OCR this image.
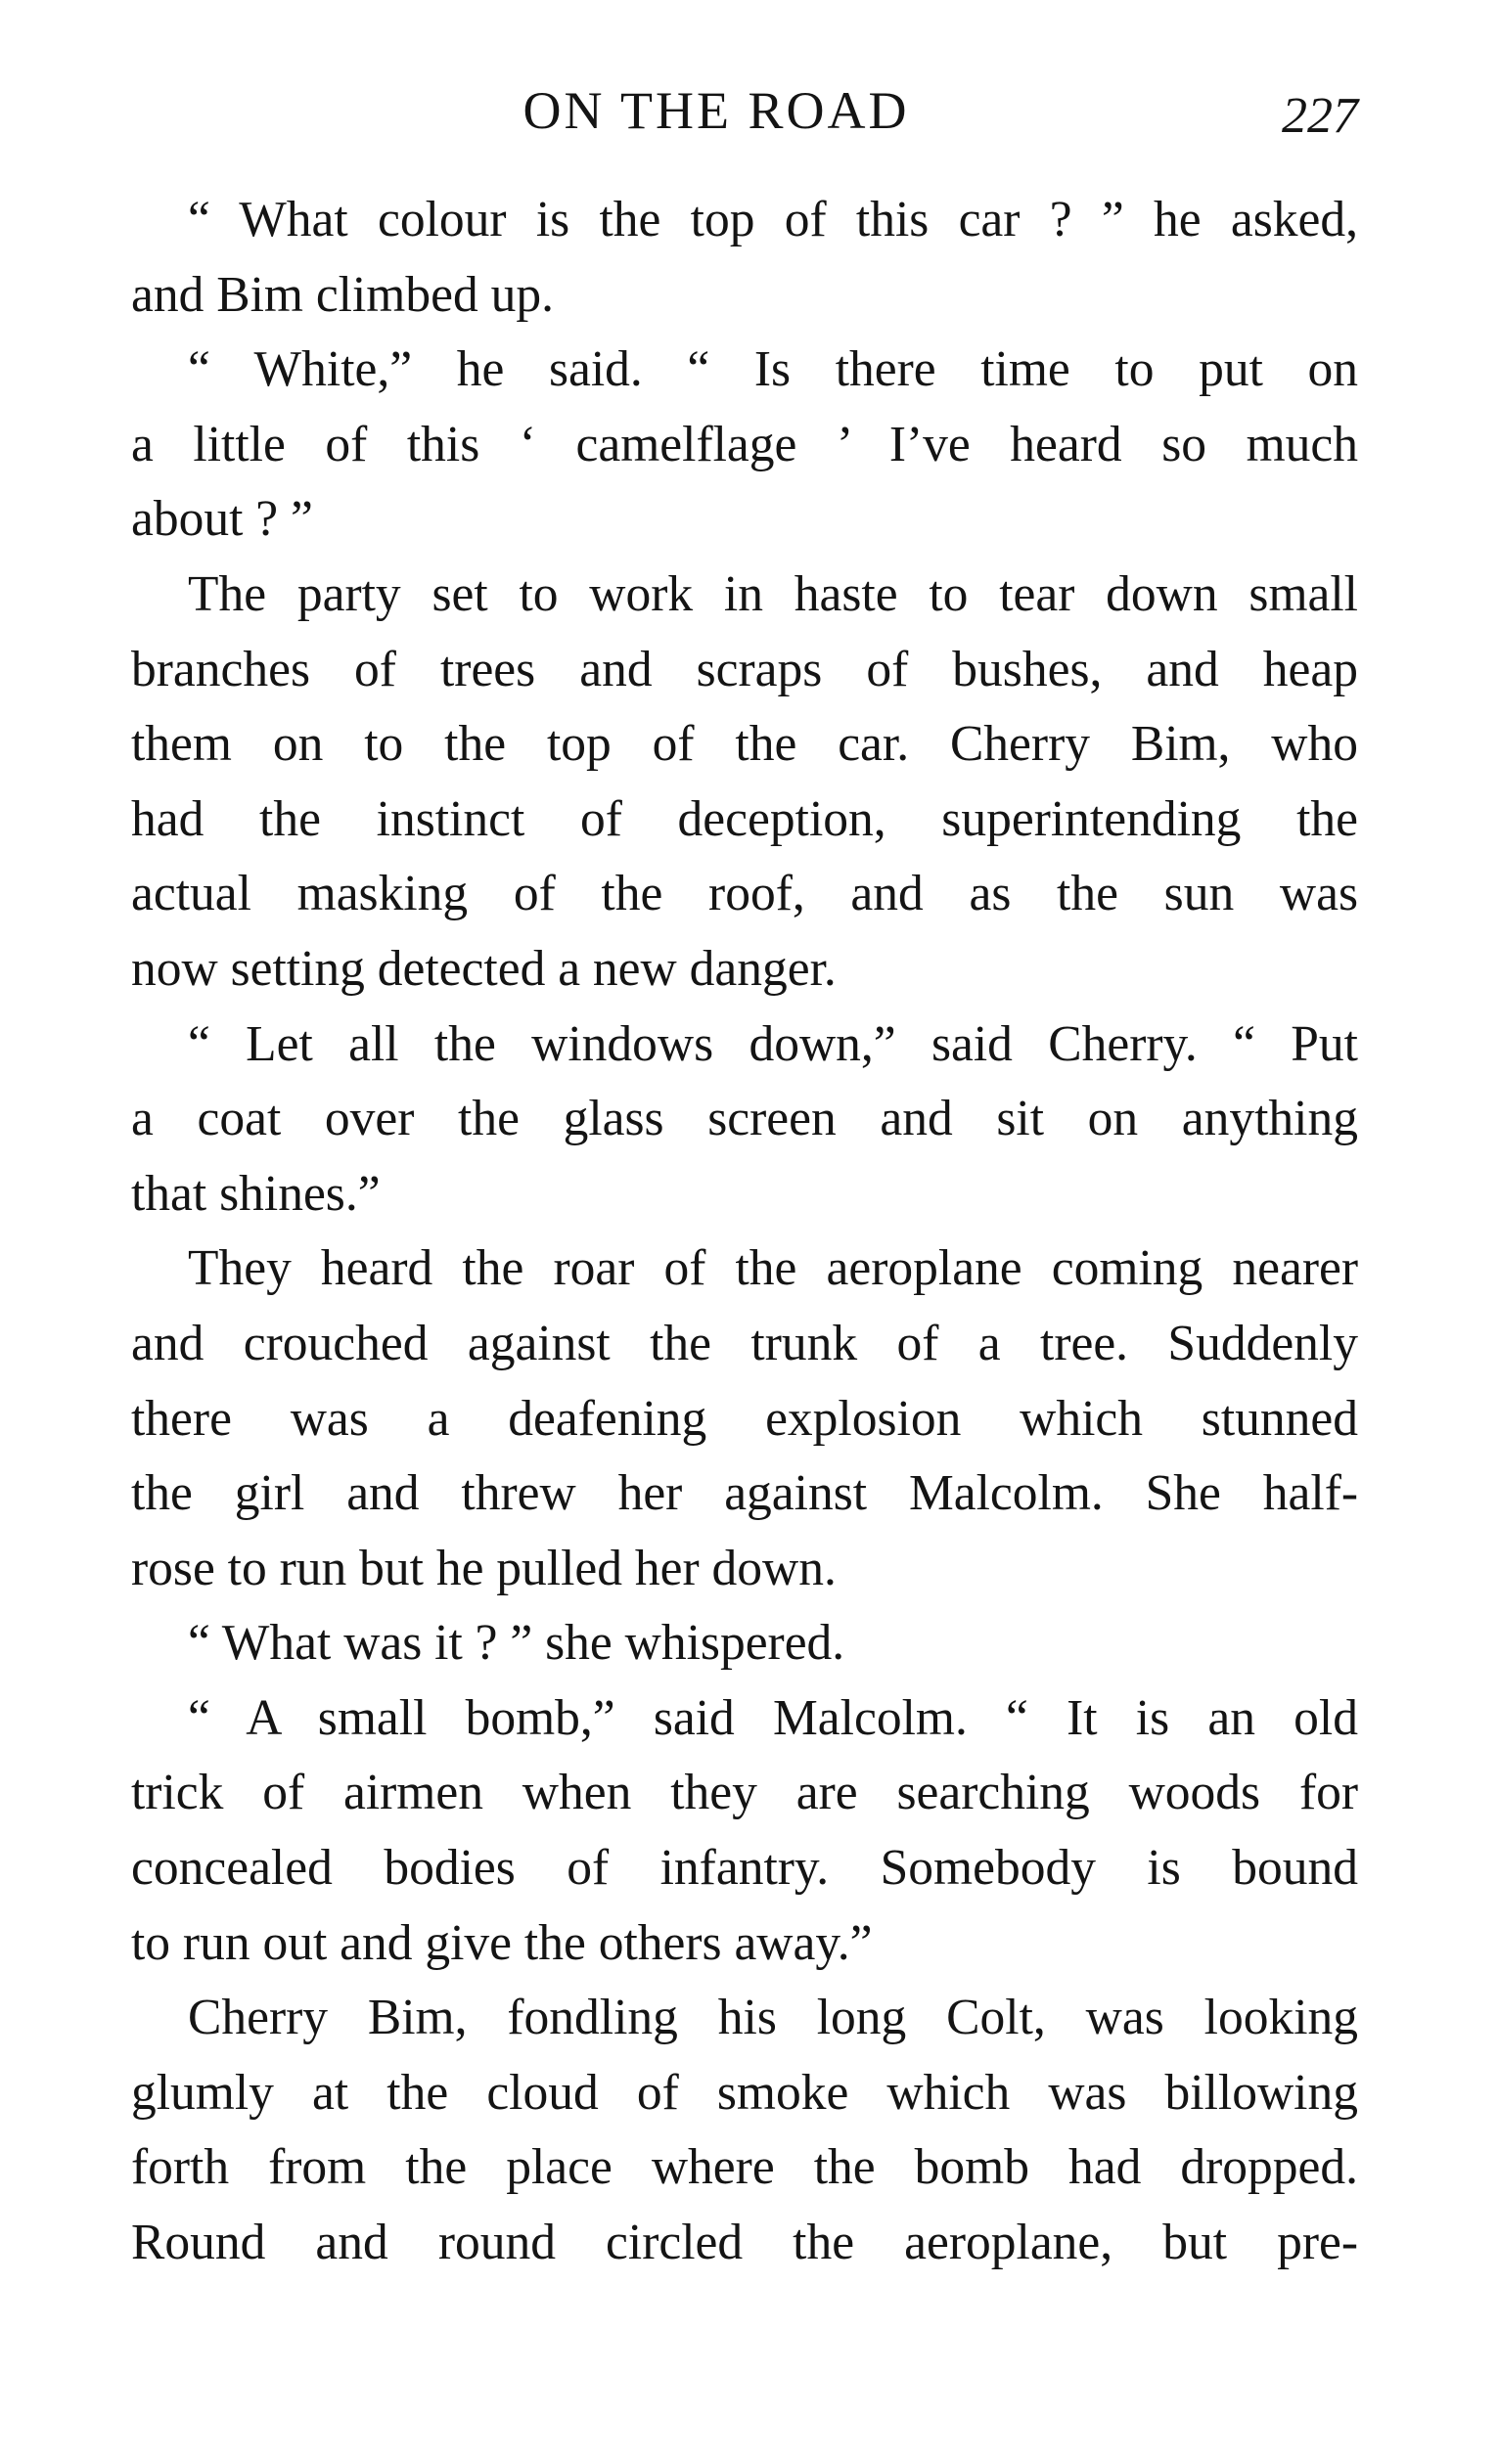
ON THE ROAD	227
“ What colour is the top of this car ? ” he asked,
and Bim climbed up.
“ White,” he said. “ Is there time to put on
a little of this ‘ camelflage ’ I’ve heard so much
about ? ”
The party set to work in haste to tear down small
branches of trees and scraps of bushes, and heap
them on to the top of the car. Cherry Bim, who
had the instinct of deception, superintending the
actual masking of the roof, and as the sun was
now setting detected a new danger.
“ Let all the windows down,” said Cherry. “ Put
a coat over the glass screen and sit on anything
that shines.”
They heard the roar of the aeroplane coming nearer
and crouched against the trunk of a tree. Suddenly
there was a deafening explosion which stunned
the girl and threw her against Malcolm. She half-
rose to run but he pulled her down.
“ What was it ? ” she whispered.
“ A small bomb,” said Malcolm. “ It is an old
trick of airmen when they are searching woods for
concealed bodies of infantry. Somebody is bound
to run out and give the others away.”
Cherry Bim, fondling his long Colt, was looking
glumly at the cloud of smoke which was billowing
forth from the place where the bomb had dropped.
Round and round circled the aeroplane, but pre-
